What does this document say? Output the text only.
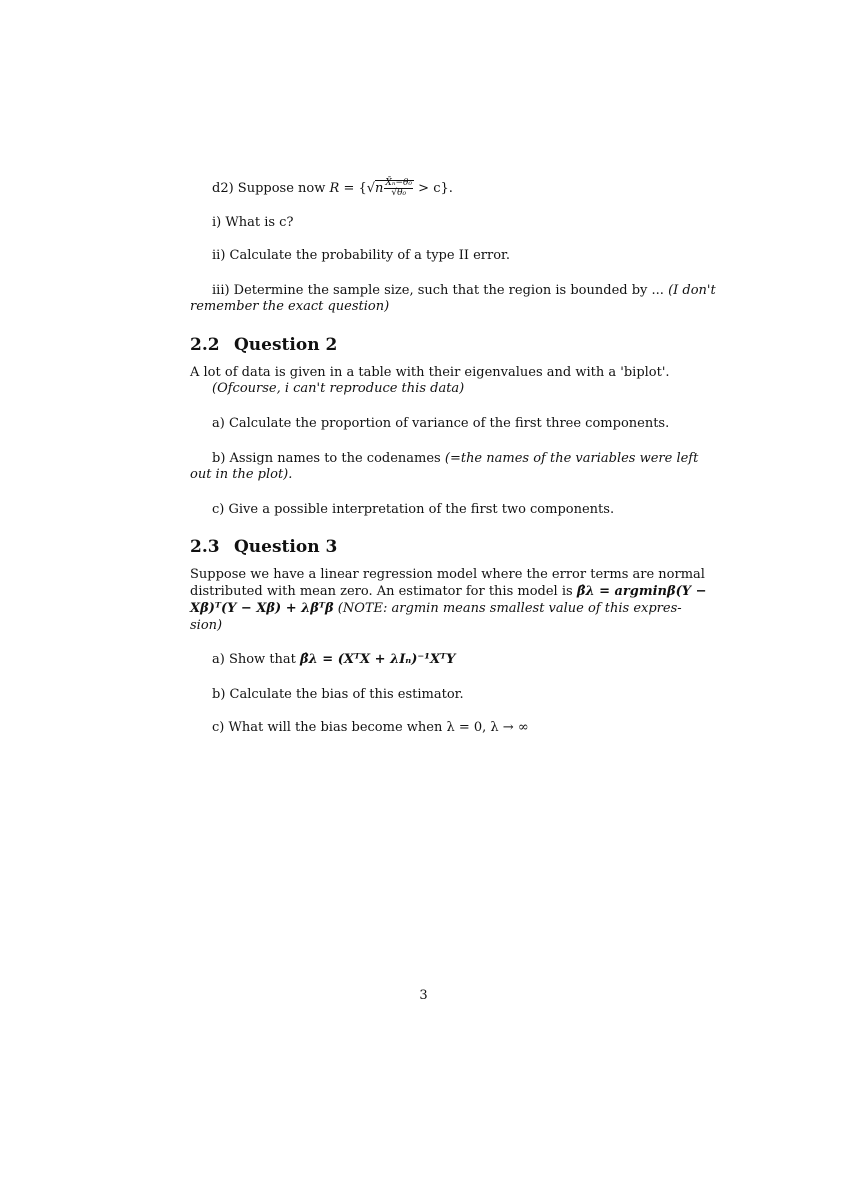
d2) Suppose now $R = \{√n \frac{\text{X̄ₙ−θ₀}}{\text{√θ₀}} > c\}$.
i) What is c?
ii) Calculate the probability of a type II error.
iii) Determine the sample size, such that the region is bounded by ... (I don't
remember the exact question)
2.2 Question 2
A lot of data is given in a table with their eigenvalues and with a 'biplot'.
(Ofcourse, i can't reproduce this data)
a) Calculate the proportion of variance of the first three components.
b) Assign names to the codenames (=the names of the variables were left
out in the plot).
c) Give a possible interpretation of the first two components.
2.3 Question 3
Suppose we have a linear regression model where the error terms are normal
distributed with mean zero. An estimator for this model is β̂λ = argminβ(Y −
Xβ)ᵀ(Y − Xβ) + λβᵀβ (NOTE: argmin means smallest value of this expres-
sion)
a) Show that β̂λ = (XᵀX + λIₙ)⁻¹XᵀY
b) Calculate the bias of this estimator.
c) What will the bias become when λ = 0, λ → ∞
3
